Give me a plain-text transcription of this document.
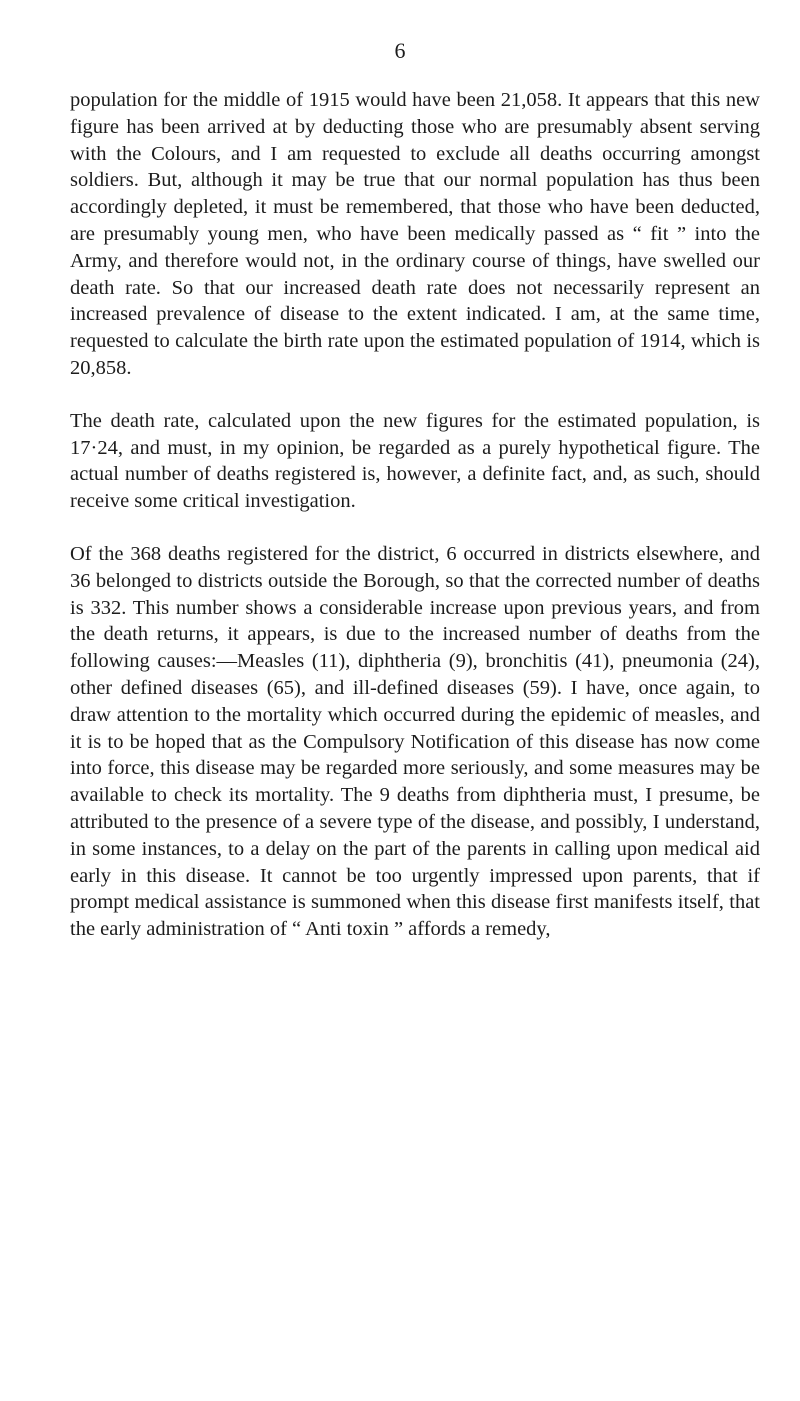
6

population for the middle of 1915 would have been 21,058. It appears that this new figure has been arrived at by deducting those who are presumably absent serving with the Colours, and I am requested to exclude all deaths occurring amongst soldiers. But, although it may be true that our normal population has thus been accordingly depleted, it must be remembered, that those who have been deducted, are presumably young men, who have been medically passed as “ fit ” into the Army, and therefore would not, in the ordinary course of things, have swelled our death rate. So that our increased death rate does not necessarily represent an increased prevalence of disease to the extent indicated. I am, at the same time, requested to calculate the birth rate upon the estimated population of 1914, which is 20,858.

The death rate, calculated upon the new figures for the estimated population, is 17·24, and must, in my opinion, be regarded as a purely hypothetical figure. The actual number of deaths registered is, however, a definite fact, and, as such, should receive some critical investigation.

Of the 368 deaths registered for the district, 6 occurred in districts elsewhere, and 36 belonged to districts outside the Borough, so that the corrected number of deaths is 332. This number shows a considerable increase upon previous years, and from the death returns, it appears, is due to the increased number of deaths from the following causes:—Measles (11), diphtheria (9), bronchitis (41), pneumonia (24), other defined diseases (65), and ill-defined diseases (59). I have, once again, to draw attention to the mortality which occurred during the epidemic of measles, and it is to be hoped that as the Compulsory Notification of this disease has now come into force, this disease may be regarded more seriously, and some measures may be available to check its mortality. The 9 deaths from diphtheria must, I presume, be attributed to the presence of a severe type of the disease, and possibly, I understand, in some instances, to a delay on the part of the parents in calling upon medical aid early in this disease. It cannot be too urgently impressed upon parents, that if prompt medical assistance is summoned when this disease first manifests itself, that the early administration of “ Anti toxin ” affords a remedy,
